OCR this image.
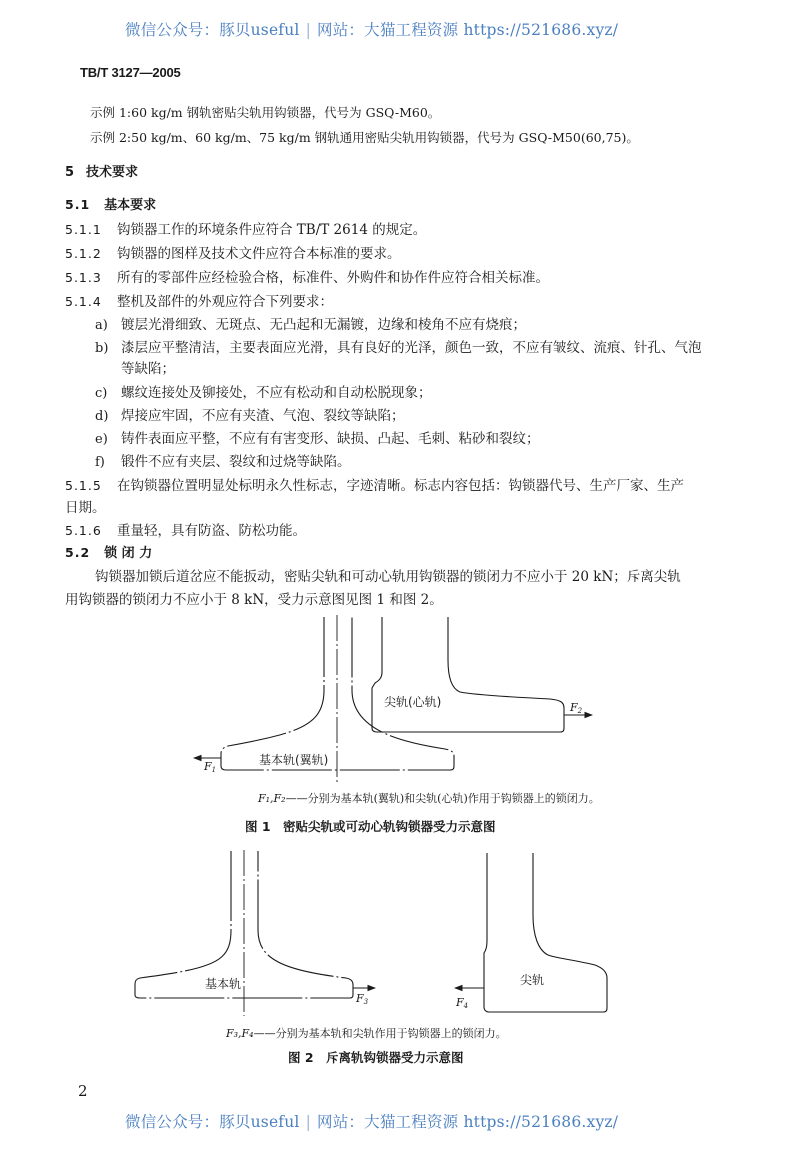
微信公众号：豚贝useful | 网站：大猫工程资源 https://521686.xyz/
TB/T 3127—2005
示例 1:60 kg/m 钢轨密贴尖轨用钩锁器，代号为 GSQ-M60。
示例 2:50 kg/m、60 kg/m、75 kg/m 钢轨通用密贴尖轨用钩锁器，代号为 GSQ-M50(60,75)。
5 技术要求
5.1 基本要求
5.1.1 钩锁器工作的环境条件应符合 TB/T 2614 的规定。
5.1.2 钩锁器的图样及技术文件应符合本标准的要求。
5.1.3 所有的零部件应经检验合格，标准件、外购件和协作件应符合相关标准。
5.1.4 整机及部件的外观应符合下列要求：
a) 镀层光滑细致、无斑点、无凸起和无漏镀，边缘和棱角不应有烧痕；
b) 漆层应平整清洁，主要表面应光滑，具有良好的光泽，颜色一致，不应有皱纹、流痕、针孔、气泡
等缺陷；
c) 螺纹连接处及铆接处，不应有松动和自动松脱现象；
d) 焊接应牢固，不应有夹渣、气泡、裂纹等缺陷；
e) 铸件表面应平整，不应有有害变形、缺损、凸起、毛刺、粘砂和裂纹；
f) 锻件不应有夹层、裂纹和过烧等缺陷。
5.1.5 在钩锁器位置明显处标明永久性标志，字迹清晰。标志内容包括：钩锁器代号、生产厂家、生产
日期。
5.1.6 重量轻，具有防盗、防松功能。
5.2 锁 闭 力
钩锁器加锁后道岔应不能扳动，密贴尖轨和可动心轨用钩锁器的锁闭力不应小于 20 kN；斥离尖轨
用钩锁器的锁闭力不应小于 8 kN，受力示意图见图 1 和图 2。
基本轨(翼轨)
尖轨(心轨)
F1
F2
基本轨	尖轨
F3	F4
F₁,F₂——分别为基本轨(翼轨)和尖轨(心轨)作用于钩锁器上的锁闭力。
图 1　密贴尖轨或可动心轨钩锁器受力示意图
F₃,F₄——分别为基本轨和尖轨作用于钩锁器上的锁闭力。
图 2　斥离轨钩锁器受力示意图
2
微信公众号：豚贝useful | 网站：大猫工程资源 https://521686.xyz/
